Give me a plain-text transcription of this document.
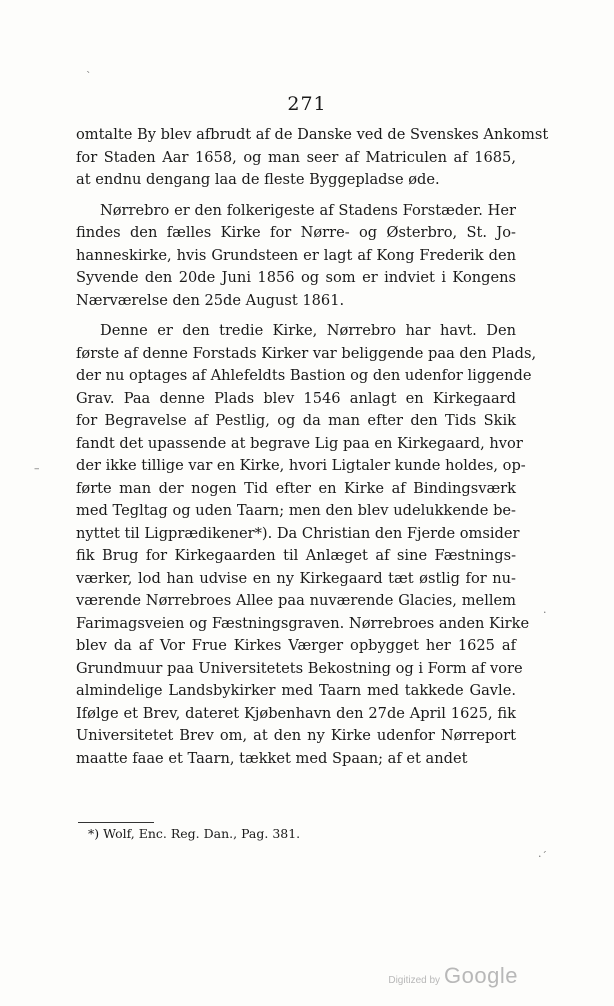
271
omtalte By blev afbrudt af de Danske ved de Svenskes Ankomst
for Staden Aar 1658, og man seer af Matriculen af 1685,
at endnu dengang laa de fleste Byggepladse øde.
Nørrebro er den folkerigeste af Stadens Forstæder. Her
findes den fælles Kirke for Nørre- og Østerbro, St. Jo-
hanneskirke, hvis Grundsteen er lagt af Kong Frederik den
Syvende den 20de Juni 1856 og som er indviet i Kongens
Nærværelse den 25de August 1861.
Denne er den tredie Kirke, Nørrebro har havt. Den
første af denne Forstads Kirker var beliggende paa den Plads,
der nu optages af Ahlefeldts Bastion og den udenfor liggende
Grav. Paa denne Plads blev 1546 anlagt en Kirkegaard
for Begravelse af Pestlig, og da man efter den Tids Skik
fandt det upassende at begrave Lig paa en Kirkegaard, hvor
der ikke tillige var en Kirke, hvori Ligtaler kunde holdes, op-
førte man der nogen Tid efter en Kirke af Bindingsværk
med Tegltag og uden Taarn; men den blev udelukkende be-
nyttet til Ligprædikener*). Da Christian den Fjerde omsider
fik Brug for Kirkegaarden til Anlæget af sine Fæstnings-
værker, lod han udvise en ny Kirkegaard tæt østlig for nu-
værende Nørrebroes Allee paa nuværende Glacies, mellem
Farimagsveien og Fæstningsgraven. Nørrebroes anden Kirke
blev da af Vor Frue Kirkes Værger opbygget her 1625 af
Grundmuur paa Universitetets Bekostning og i Form af vore
almindelige Landsbykirker med Taarn med takkede Gavle.
Ifølge et Brev, dateret Kjøbenhavn den 27de April 1625, fik
Universitetet Brev om, at den ny Kirke udenfor Nørreport
maatte faae et Taarn, tækket med Spaan; af et andet
*) Wolf, Enc. Reg. Dan., Pag. 381.
ˋ
–
·
·ˊ
Digitized by Google
